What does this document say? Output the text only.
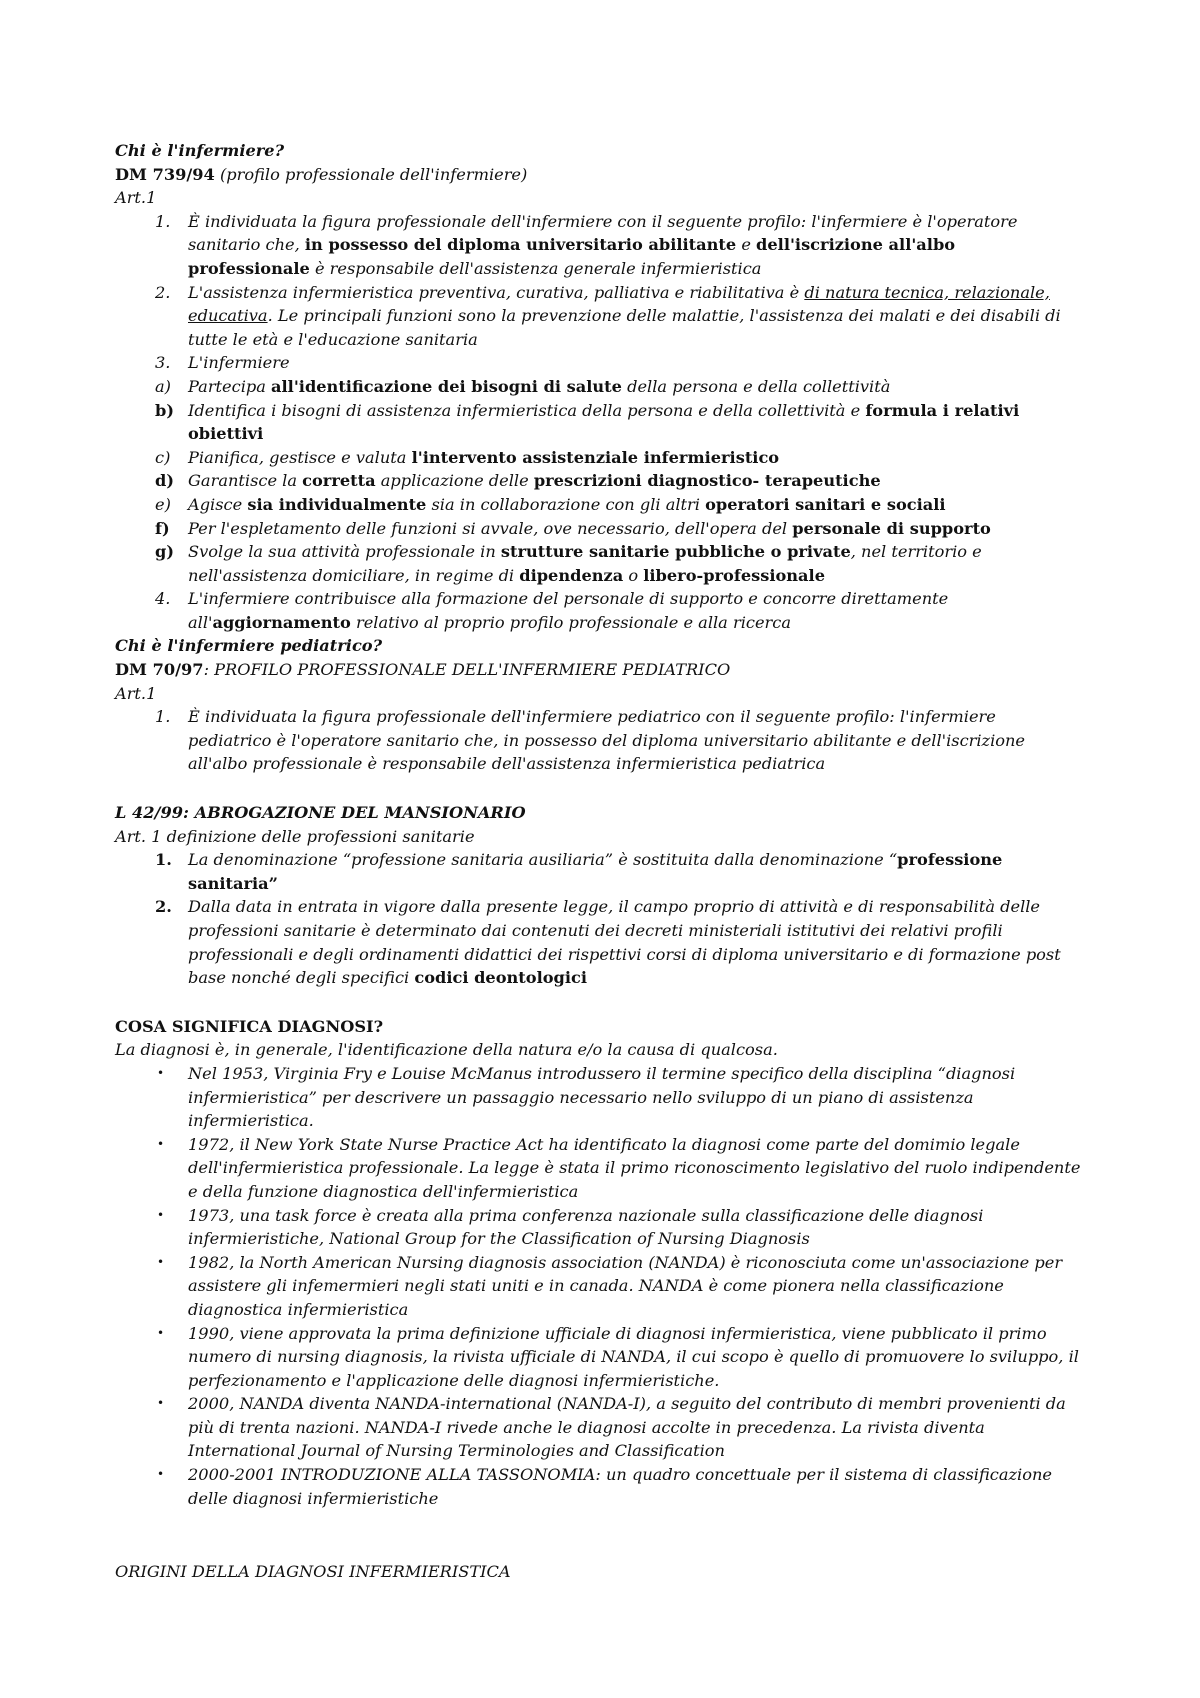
Chi è l'infermiere?
DM 739/94 (profilo professionale dell'infermiere)
Art.1
1. È individuata la figura professionale dell'infermiere con il seguente profilo: l'infermiere è l'operatore
sanitario che, in possesso del diploma universitario abilitante e dell'iscrizione all'albo
professionale è responsabile dell'assistenza generale infermieristica
2. L'assistenza infermieristica preventiva, curativa, palliativa e riabilitativa è di natura tecnica, relazionale,
educativa. Le principali funzioni sono la prevenzione delle malattie, l'assistenza dei malati e dei disabili di
tutte le età e l'educazione sanitaria
3. L'infermiere
a) Partecipa all'identificazione dei bisogni di salute della persona e della collettività
b) Identifica i bisogni di assistenza infermieristica della persona e della collettività e formula i relativi
obiettivi
c) Pianifica, gestisce e valuta l'intervento assistenziale infermieristico
d) Garantisce la corretta applicazione delle prescrizioni diagnostico- terapeutiche
e) Agisce sia individualmente sia in collaborazione con gli altri operatori sanitari e sociali
f) Per l'espletamento delle funzioni si avvale, ove necessario, dell'opera del personale di supporto
g) Svolge la sua attività professionale in strutture sanitarie pubbliche o private, nel territorio e
nell'assistenza domiciliare, in regime di dipendenza o libero-professionale
4. L'infermiere contribuisce alla formazione del personale di supporto e concorre direttamente
all'aggiornamento relativo al proprio profilo professionale e alla ricerca
Chi è l'infermiere pediatrico?
DM 70/97: PROFILO PROFESSIONALE DELL'INFERMIERE PEDIATRICO
Art.1
1. È individuata la figura professionale dell'infermiere pediatrico con il seguente profilo: l'infermiere
pediatrico è l'operatore sanitario che, in possesso del diploma universitario abilitante e dell'iscrizione
all'albo professionale è responsabile dell'assistenza infermieristica pediatrica
L 42/99: ABROGAZIONE DEL MANSIONARIO
Art. 1 definizione delle professioni sanitarie
1. La denominazione “professione sanitaria ausiliaria” è sostituita dalla denominazione “professione
sanitaria”
2. Dalla data in entrata in vigore dalla presente legge, il campo proprio di attività e di responsabilità delle
professioni sanitarie è determinato dai contenuti dei decreti ministeriali istitutivi dei relativi profili
professionali e degli ordinamenti didattici dei rispettivi corsi di diploma universitario e di formazione post
base nonché degli specifici codici deontologici
COSA SIGNIFICA DIAGNOSI?
La diagnosi è, in generale, l'identificazione della natura e/o la causa di qualcosa.
• Nel 1953, Virginia Fry e Louise McManus introdussero il termine specifico della disciplina “diagnosi
infermieristica” per descrivere un passaggio necessario nello sviluppo di un piano di assistenza
infermieristica.
• 1972, il New York State Nurse Practice Act ha identificato la diagnosi come parte del domimio legale
dell'infermieristica professionale. La legge è stata il primo riconoscimento legislativo del ruolo indipendente
e della funzione diagnostica dell'infermieristica
• 1973, una task force è creata alla prima conferenza nazionale sulla classificazione delle diagnosi
infermieristiche, National Group for the Classification of Nursing Diagnosis
• 1982, la North American Nursing diagnosis association (NANDA) è riconosciuta come un'associazione per
assistere gli infemermieri negli stati uniti e in canada. NANDA è come pionera nella classificazione
diagnostica infermieristica
• 1990, viene approvata la prima definizione ufficiale di diagnosi infermieristica, viene pubblicato il primo
numero di nursing diagnosis, la rivista ufficiale di NANDA, il cui scopo è quello di promuovere lo sviluppo, il
perfezionamento e l'applicazione delle diagnosi infermieristiche.
• 2000, NANDA diventa NANDA-international (NANDA-I), a seguito del contributo di membri provenienti da
più di trenta nazioni. NANDA-I rivede anche le diagnosi accolte in precedenza. La rivista diventa
International Journal of Nursing Terminologies and Classification
• 2000-2001 INTRODUZIONE ALLA TASSONOMIA: un quadro concettuale per il sistema di classificazione
delle diagnosi infermieristiche
ORIGINI DELLA DIAGNOSI INFERMIERISTICA
